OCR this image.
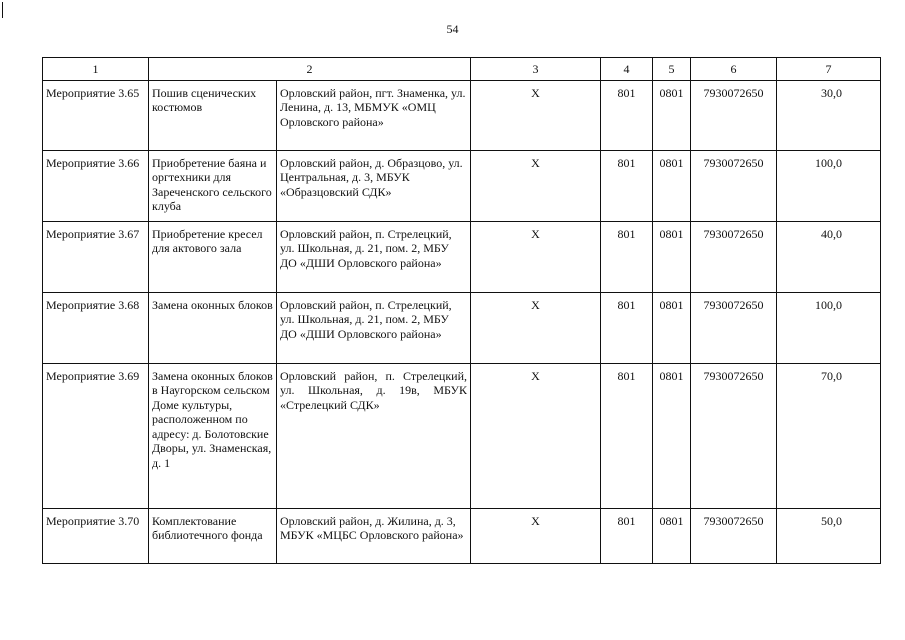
54
1	2		3	4	5	6	7
Мероприятие 3.65	Пошив сценических костюмов	Орловский район, пгт. Знаменка, ул. Ленина, д. 13, МБМУК «ОМЦ Орловского района»	Х	801	0801	7930072650	30,0
Мероприятие 3.66	Приобретение баяна и оргтехники для Зареченского сельского клуба	Орловский район, д. Образцово, ул. Центральная, д. 3, МБУК «Образцовский СДК»	Х	801	0801	7930072650	100,0
Мероприятие 3.67	Приобретение кресел для актового зала	Орловский район, п. Стрелецкий, ул. Школьная, д. 21, пом. 2, МБУ ДО «ДШИ Орловского района»	Х	801	0801	7930072650	40,0
Мероприятие 3.68	Замена оконных блоков	Орловский район, п. Стрелецкий, ул. Школьная, д. 21, пом. 2, МБУ ДО «ДШИ Орловского района»	Х	801	0801	7930072650	100,0
Мероприятие 3.69	Замена оконных блоков в Наугорском сельском Доме культуры, расположенном по адресу: д. Болотовские Дворы, ул. Знаменская, д. 1	Орловский район, п. Стрелецкий, ул. Школьная, д. 19в, МБУК «Стрелецкий СДК»	Х	801	0801	7930072650	70,0
Мероприятие 3.70	Комплектование библиотечного фонда	Орловский район, д. Жилина, д. 3, МБУК «МЦБС Орловского района»	Х	801	0801	7930072650	50,0
